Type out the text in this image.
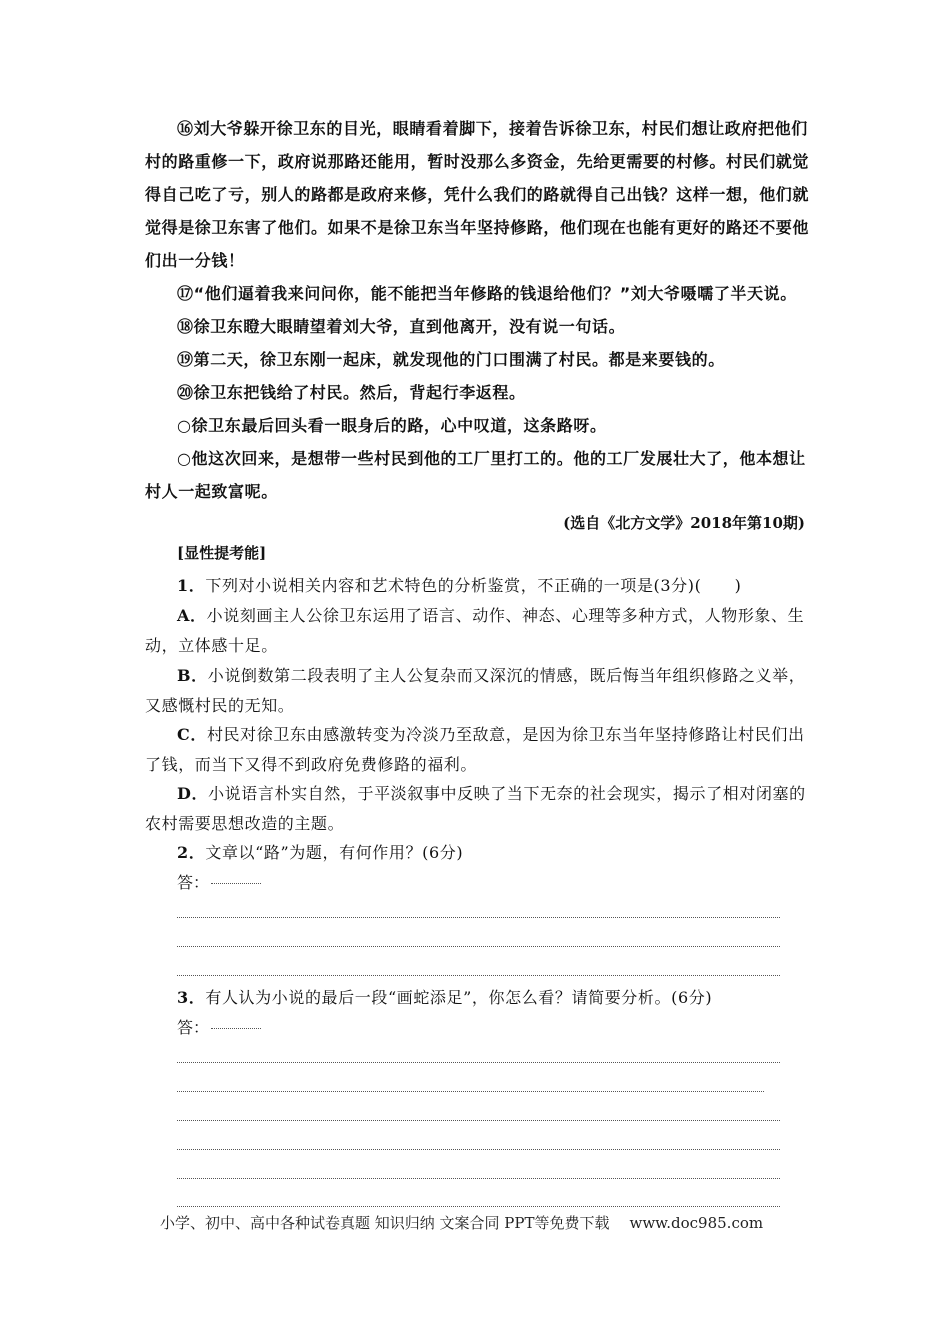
⑯刘大爷躲开徐卫东的目光，眼睛看着脚下，接着告诉徐卫东，村民们想让政府把他们村的路重修一下，政府说那路还能用，暂时没那么多资金，先给更需要的村修。村民们就觉得自己吃了亏，别人的路都是政府来修，凭什么我们的路就得自己出钱？这样一想，他们就觉得是徐卫东害了他们。如果不是徐卫东当年坚持修路，他们现在也能有更好的路还不要他们出一分钱！

⑰“他们逼着我来问问你，能不能把当年修路的钱退给他们？”刘大爷嗫嚅了半天说。

⑱徐卫东瞪大眼睛望着刘大爷，直到他离开，没有说一句话。

⑲第二天，徐卫东刚一起床，就发现他的门口围满了村民。都是来要钱的。

⑳徐卫东把钱给了村民。然后，背起行李返程。

○徐卫东最后回头看一眼身后的路，心中叹道，这条路呀。

○他这次回来，是想带一些村民到他的工厂里打工的。他的工厂发展壮大了，他本想让村人一起致富呢。

(选自《北方文学》2018年第10期)
[显性提考能]
1．下列对小说相关内容和艺术特色的分析鉴赏，不正确的一项是(3分)(　　)

A．小说刻画主人公徐卫东运用了语言、动作、神态、心理等多种方式，人物形象、生动，立体感十足。

B．小说倒数第二段表明了主人公复杂而又深沉的情感，既后悔当年组织修路之义举，又感慨村民的无知。

C．村民对徐卫东由感激转变为冷淡乃至敌意，是因为徐卫东当年坚持修路让村民们出了钱，而当下又得不到政府免费修路的福利。

D．小说语言朴实自然，于平淡叙事中反映了当下无奈的社会现实，揭示了相对闭塞的农村需要思想改造的主题。

2．文章以“路”为题，有何作用？(6分)
答：
3．有人认为小说的最后一段“画蛇添足”，你怎么看？请简要分析。(6分)
答：
小学、初中、高中各种试卷真题 知识归纳 文案合同 PPT等免费下载 www.doc985.com
